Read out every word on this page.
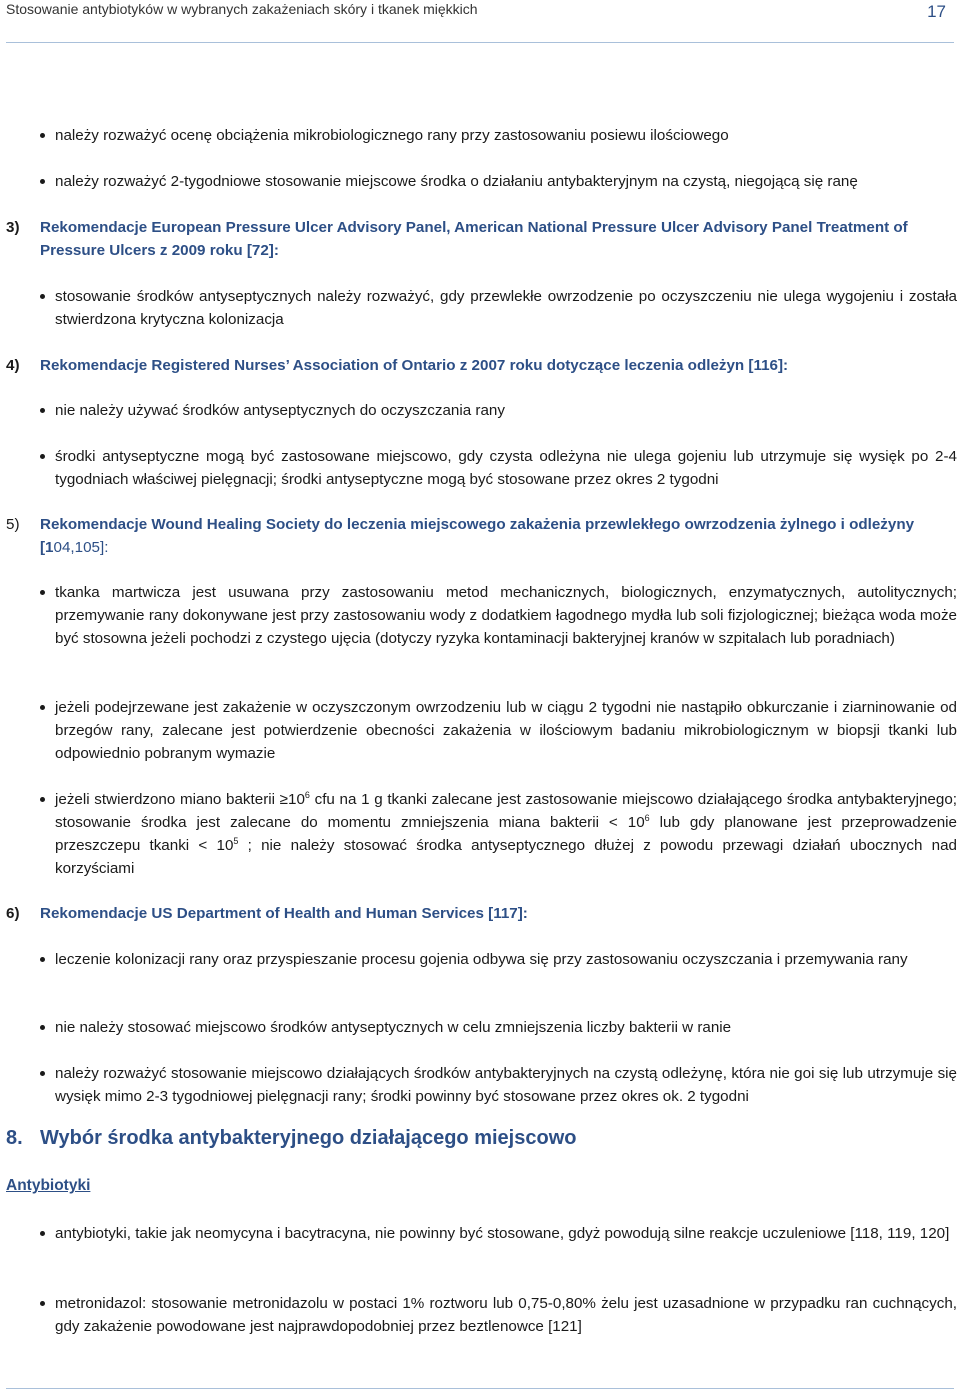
Stosowanie antybiotyków w wybranych zakażeniach skóry i tkanek miękkich	17
należy rozważyć ocenę obciążenia mikrobiologicznego rany przy zastosowaniu posiewu ilościowego
należy rozważyć 2-tygodniowe stosowanie miejscowe środka o działaniu antybakteryjnym na czystą, niegojącą się ranę
3) Rekomendacje European Pressure Ulcer Advisory Panel, American National Pressure Ulcer Advisory Panel Treatment of
Pressure Ulcers z 2009 roku [72]:
stosowanie środków antyseptycznych należy rozważyć, gdy przewlekłe owrzodzenie po oczyszczeniu nie ulega wygojeniu i została stwierdzona krytyczna kolonizacja
4) Rekomendacje Registered Nurses’ Association of Ontario z 2007 roku dotyczące leczenia odleżyn [116]:
nie należy używać środków antyseptycznych do oczyszczania rany
środki antyseptyczne mogą być zastosowane miejscowo, gdy czysta odleżyna nie ulega gojeniu lub utrzymuje się wysięk po 2-4 tygodniach właściwej pielęgnacji; środki antyseptyczne mogą być stosowane przez okres 2 tygodni
5) Rekomendacje Wound Healing Society do leczenia miejscowego zakażenia przewlekłego owrzodzenia żylnego i odleżyny
[104,105]:
tkanka martwicza jest usuwana przy zastosowaniu metod mechanicznych, biologicznych, enzymatycznych, autolitycznych; przemywanie rany dokonywane jest przy zastosowaniu wody z dodatkiem łagodnego mydła lub soli fizjologicznej; bieżąca woda może być stosowna jeżeli pochodzi z czystego ujęcia (dotyczy ryzyka kontaminacji bakteryjnej kranów w szpitalach lub poradniach)
jeżeli podejrzewane jest zakażenie w oczyszczonym owrzodzeniu lub w ciągu 2 tygodni nie nastąpiło obkurczanie i ziarninowanie od brzegów rany, zalecane jest potwierdzenie obecności zakażenia w ilościowym badaniu mikrobiologicznym w biopsji tkanki lub odpowiednio pobranym wymazie
jeżeli stwierdzono miano bakterii $\ge 10^6$ cfu na 1 g tkanki zalecane jest zastosowanie miejscowo działającego środka antybakteryjnego; stosowanie środka jest zalecane do momentu zmniejszenia miana bakterii < $10^6$ lub gdy planowane jest przeprowadzenie przeszczepu tkanki < $10^5$ ; nie należy stosować środka antyseptycznego dłużej z powodu przewagi działań ubocznych nad korzyściami
6) Rekomendacje US Department of Health and Human Services [117]:
leczenie kolonizacji rany oraz przyspieszanie procesu gojenia odbywa się przy zastosowaniu oczyszczania i przemywania rany
nie należy stosować miejscowo środków antyseptycznych w celu zmniejszenia liczby bakterii w ranie
należy rozważyć stosowanie miejscowo działających środków antybakteryjnych na czystą odleżynę, która nie goi się lub utrzymuje się wysięk mimo 2-3 tygodniowej pielęgnacji rany; środki powinny być stosowane przez okres ok. 2 tygodni
8. Wybór środka antybakteryjnego działającego miejscowo
Antybiotyki
antybiotyki, takie jak neomycyna i bacytracyna, nie powinny być stosowane, gdyż powodują silne reakcje uczuleniowe [118, 119, 120]
metronidazol: stosowanie metronidazolu w postaci 1% roztworu lub 0,75-0,80% żelu jest uzasadnione w przypadku ran cuchnących, gdy zakażenie powodowane jest najprawdopodobniej przez beztlenowce [121]
